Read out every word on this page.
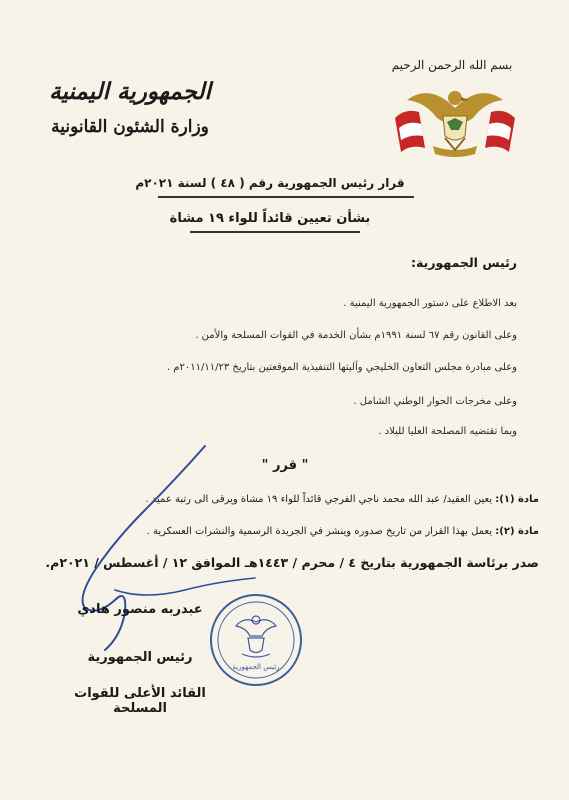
بسم الله الرحمن الرحيم
الجمهورية اليمنية
وزارة الشئون القانونية
قرار رئيس الجمهورية رقم ( ٤٨ ) لسنة ٢٠٢١م
بشأن تعيين قائداً للواء ١٩ مشاة
رئيس الجمهورية:
بعد الاطلاع على دستور الجمهورية اليمنية .
وعلى القانون رقم ٦٧ لسنة ١٩٩١م بشأن الخدمة في القوات المسلحة والأمن .
وعلى مبادرة مجلس التعاون الخليجي وآليتها التنفيذية الموقعتين بتاريخ ٢٠١١/١١/٢٣م .
وعلى مخرجات الحوار الوطني الشامل .
وبما تقتضيه المصلحة العليا للبلاد .
" قرر "
مادة (١): يعين العقيد/ عبد الله محمد ناجي الفرجي قائداً للواء ١٩ مشاة ويرقى الى رتبة عميد .
مادة (٢): يعمل بهذا القرار من تاريخ صدوره وينشر في الجريدة الرسمية والنشرات العسكرية .
صدر برئاسة الجمهورية بتاريخ ٤ / محرم / ١٤٤٣هـ الموافق ١٢ / أغسطس / ٢٠٢١م.
رئيس الجمهورية
عبدربه منصور هادي
رئيس الجمهورية
القائد الأعلى للقوات المسلحة
